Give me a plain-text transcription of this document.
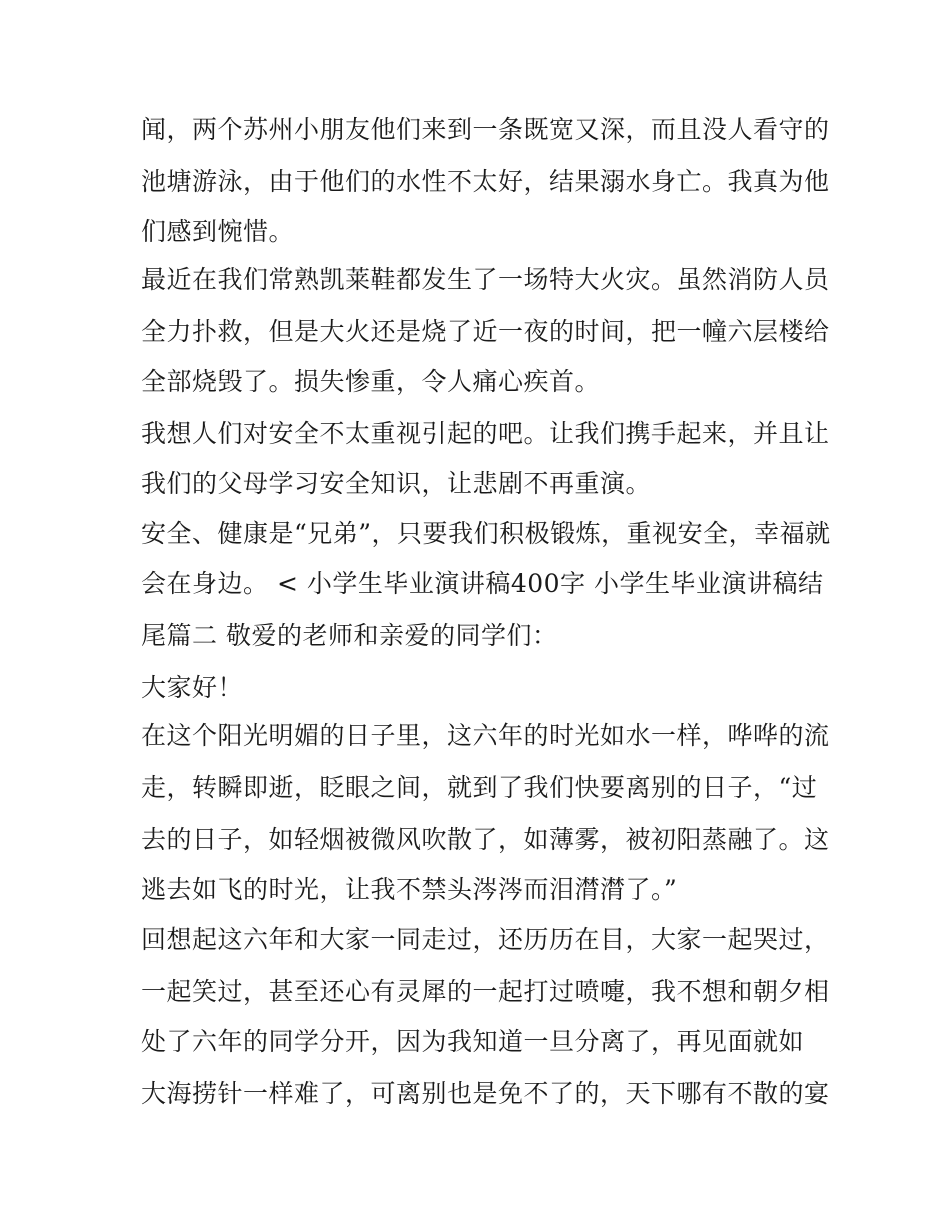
闻，两个苏州小朋友他们来到一条既宽又深，而且没人看守的
池塘游泳，由于他们的水性不太好，结果溺水身亡。我真为他
们感到惋惜。
最近在我们常熟凯莱鞋都发生了一场特大火灾。虽然消防人员
全力扑救，但是大火还是烧了近一夜的时间，把一幢六层楼给
全部烧毁了。损失惨重，令人痛心疾首。
我想人们对安全不太重视引起的吧。让我们携手起来，并且让
我们的父母学习安全知识，让悲剧不再重演。
安全、健康是“兄弟”，只要我们积极锻炼，重视安全，幸福就
会在身边。 < 小学生毕业演讲稿400字 小学生毕业演讲稿结
尾篇二 敬爱的老师和亲爱的同学们：
大家好！
在这个阳光明媚的日子里，这六年的时光如水一样，哗哗的流
走，转瞬即逝，眨眼之间，就到了我们快要离别的日子，“过
去的日子，如轻烟被微风吹散了，如薄雾，被初阳蒸融了。这
逃去如飞的时光，让我不禁头涔涔而泪潸潸了。”
回想起这六年和大家一同走过，还历历在目，大家一起哭过，
一起笑过，甚至还心有灵犀的一起打过喷嚏，我不想和朝夕相
处了六年的同学分开，因为我知道一旦分离了，再见面就如
大海捞针一样难了，可离别也是免不了的，天下哪有不散的宴
